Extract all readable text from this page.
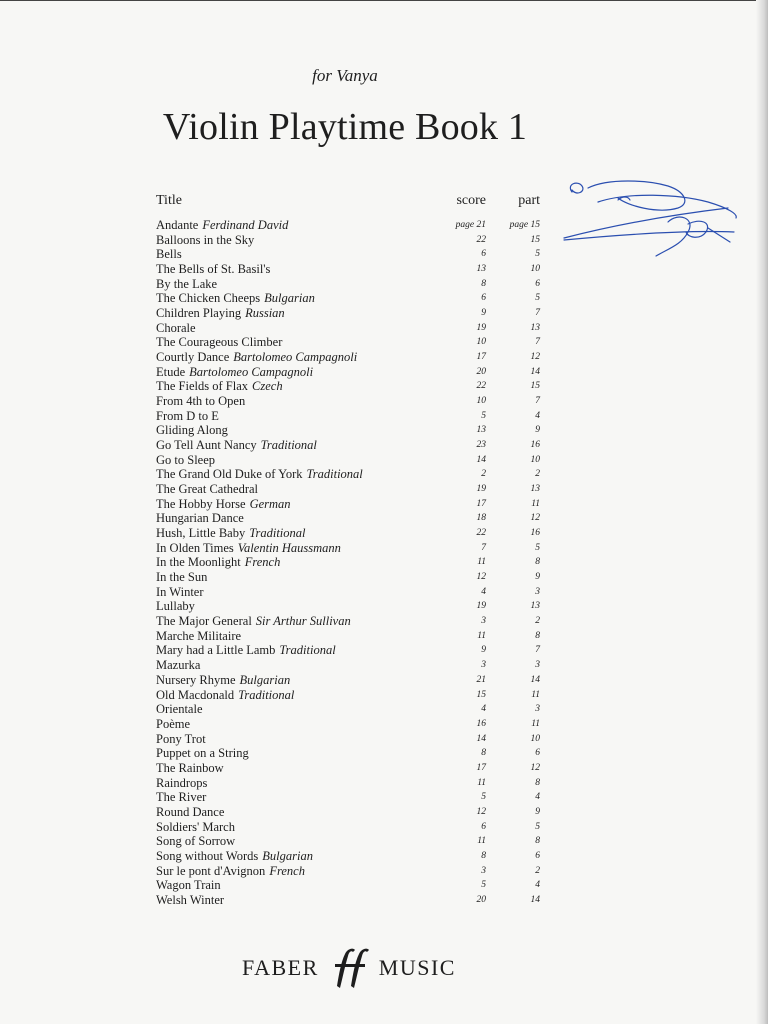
for Vanya
Violin Playtime Book 1
Title	score	part
Andante Ferdinand David	page 21 page 15
Balloons in the Sky	22	15
Bells	6	5
The Bells of St. Basil's	13	10
By the Lake	8	6
The Chicken Cheeps Bulgarian	6	5
Children Playing Russian	9	7
Chorale	19	13
The Courageous Climber	10	7
Courtly Dance Bartolomeo Campagnoli	17	12
Etude Bartolomeo Campagnoli	20	14
The Fields of Flax Czech	22	15
From 4th to Open	10	7
From D to E	5	4
Gliding Along	13	9
Go Tell Aunt Nancy Traditional	23	16
Go to Sleep	14	10
The Grand Old Duke of York Traditional	2	2
The Great Cathedral	19	13
The Hobby Horse German	17	11
Hungarian Dance	18	12
Hush, Little Baby Traditional	22	16
In Olden Times Valentin Haussmann	7	5
In the Moonlight French	11	8
In the Sun	12	9
In Winter	4	3
Lullaby	19	13
The Major General Sir Arthur Sullivan	3	2
Marche Militaire	11	8
Mary had a Little Lamb Traditional	9	7
Mazurka	3	3
Nursery Rhyme Bulgarian	21	14
Old Macdonald Traditional	15	11
Orientale	4	3
Poème	16	11
Pony Trot	14	10
Puppet on a String	8	6
The Rainbow	17	12
Raindrops	11	8
The River	5	4
Round Dance	12	9
Soldiers' March	6	5
Song of Sorrow	11	8
Song without Words Bulgarian	8	6
Sur le pont d'Avignon French	3	2
Wagon Train	5	4
Welsh Winter	20	14
FABER	MUSIC
